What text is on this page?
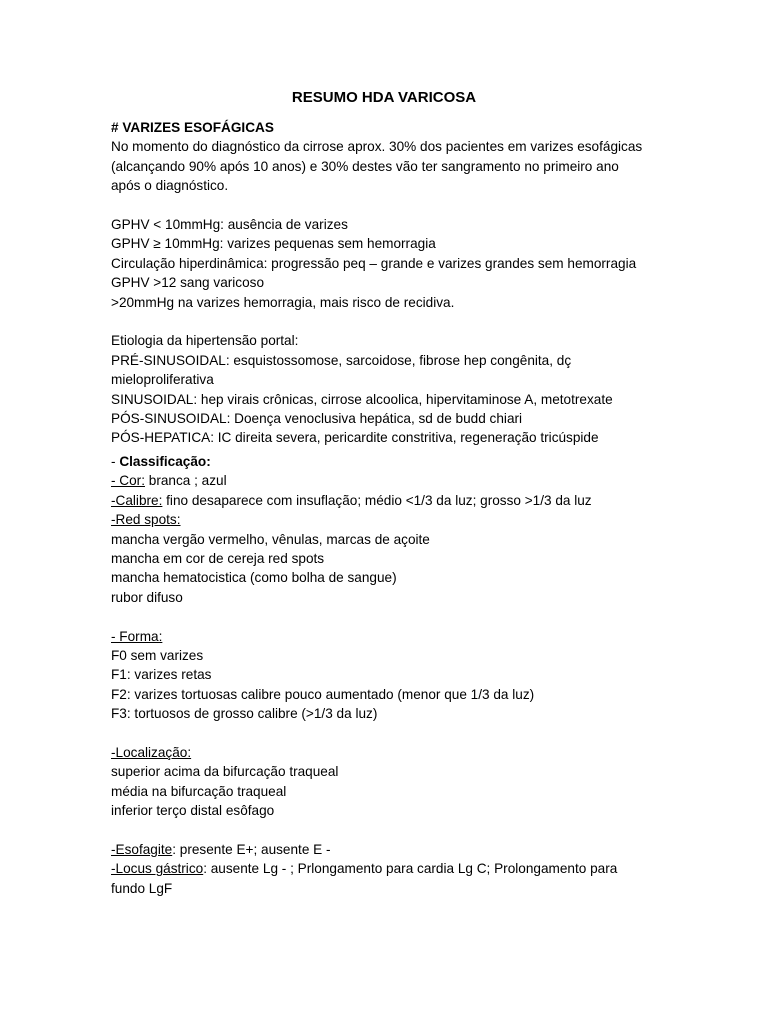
RESUMO HDA VARICOSA
# VARIZES ESOFÁGICAS
No momento do diagnóstico da cirrose aprox. 30% dos pacientes em varizes esofágicas
(alcançando 90% após 10 anos) e 30% destes vão ter sangramento no primeiro ano
após o diagnóstico.
GPHV < 10mmHg: ausência de varizes
GPHV ≥ 10mmHg: varizes pequenas sem hemorragia
Circulação hiperdinâmica: progressão peq – grande e varizes grandes sem hemorragia
GPHV >12 sang varicoso
>20mmHg na varizes hemorragia, mais risco de recidiva.
Etiologia da hipertensão portal:
PRÉ-SINUSOIDAL: esquistossomose, sarcoidose, fibrose hep congênita, dç
mieloproliferativa
SINUSOIDAL: hep virais crônicas, cirrose alcoolica, hipervitaminose A, metotrexate
PÓS-SINUSOIDAL: Doença venoclusiva hepática, sd de budd chiari
PÓS-HEPATICA: IC direita severa, pericardite constritiva, regeneração tricúspide
- Classificação:
- Cor: branca ; azul
-Calibre: fino desaparece com insuflação; médio <1/3 da luz; grosso >1/3 da luz
-Red spots:
mancha vergão vermelho, vênulas, marcas de açoite
mancha em cor de cereja red spots
mancha hematocistica (como bolha de sangue)
rubor difuso
- Forma:
F0 sem varizes
F1: varizes retas
F2: varizes tortuosas calibre pouco aumentado (menor que 1/3 da luz)
F3: tortuosos de grosso calibre (>1/3 da luz)
-Localização:
superior acima da bifurcação traqueal
média na bifurcação traqueal
inferior terço distal esôfago
-Esofagite: presente E+; ausente E -
-Locus gástrico: ausente Lg - ; Prlongamento para cardia Lg C; Prolongamento para
fundo LgF
